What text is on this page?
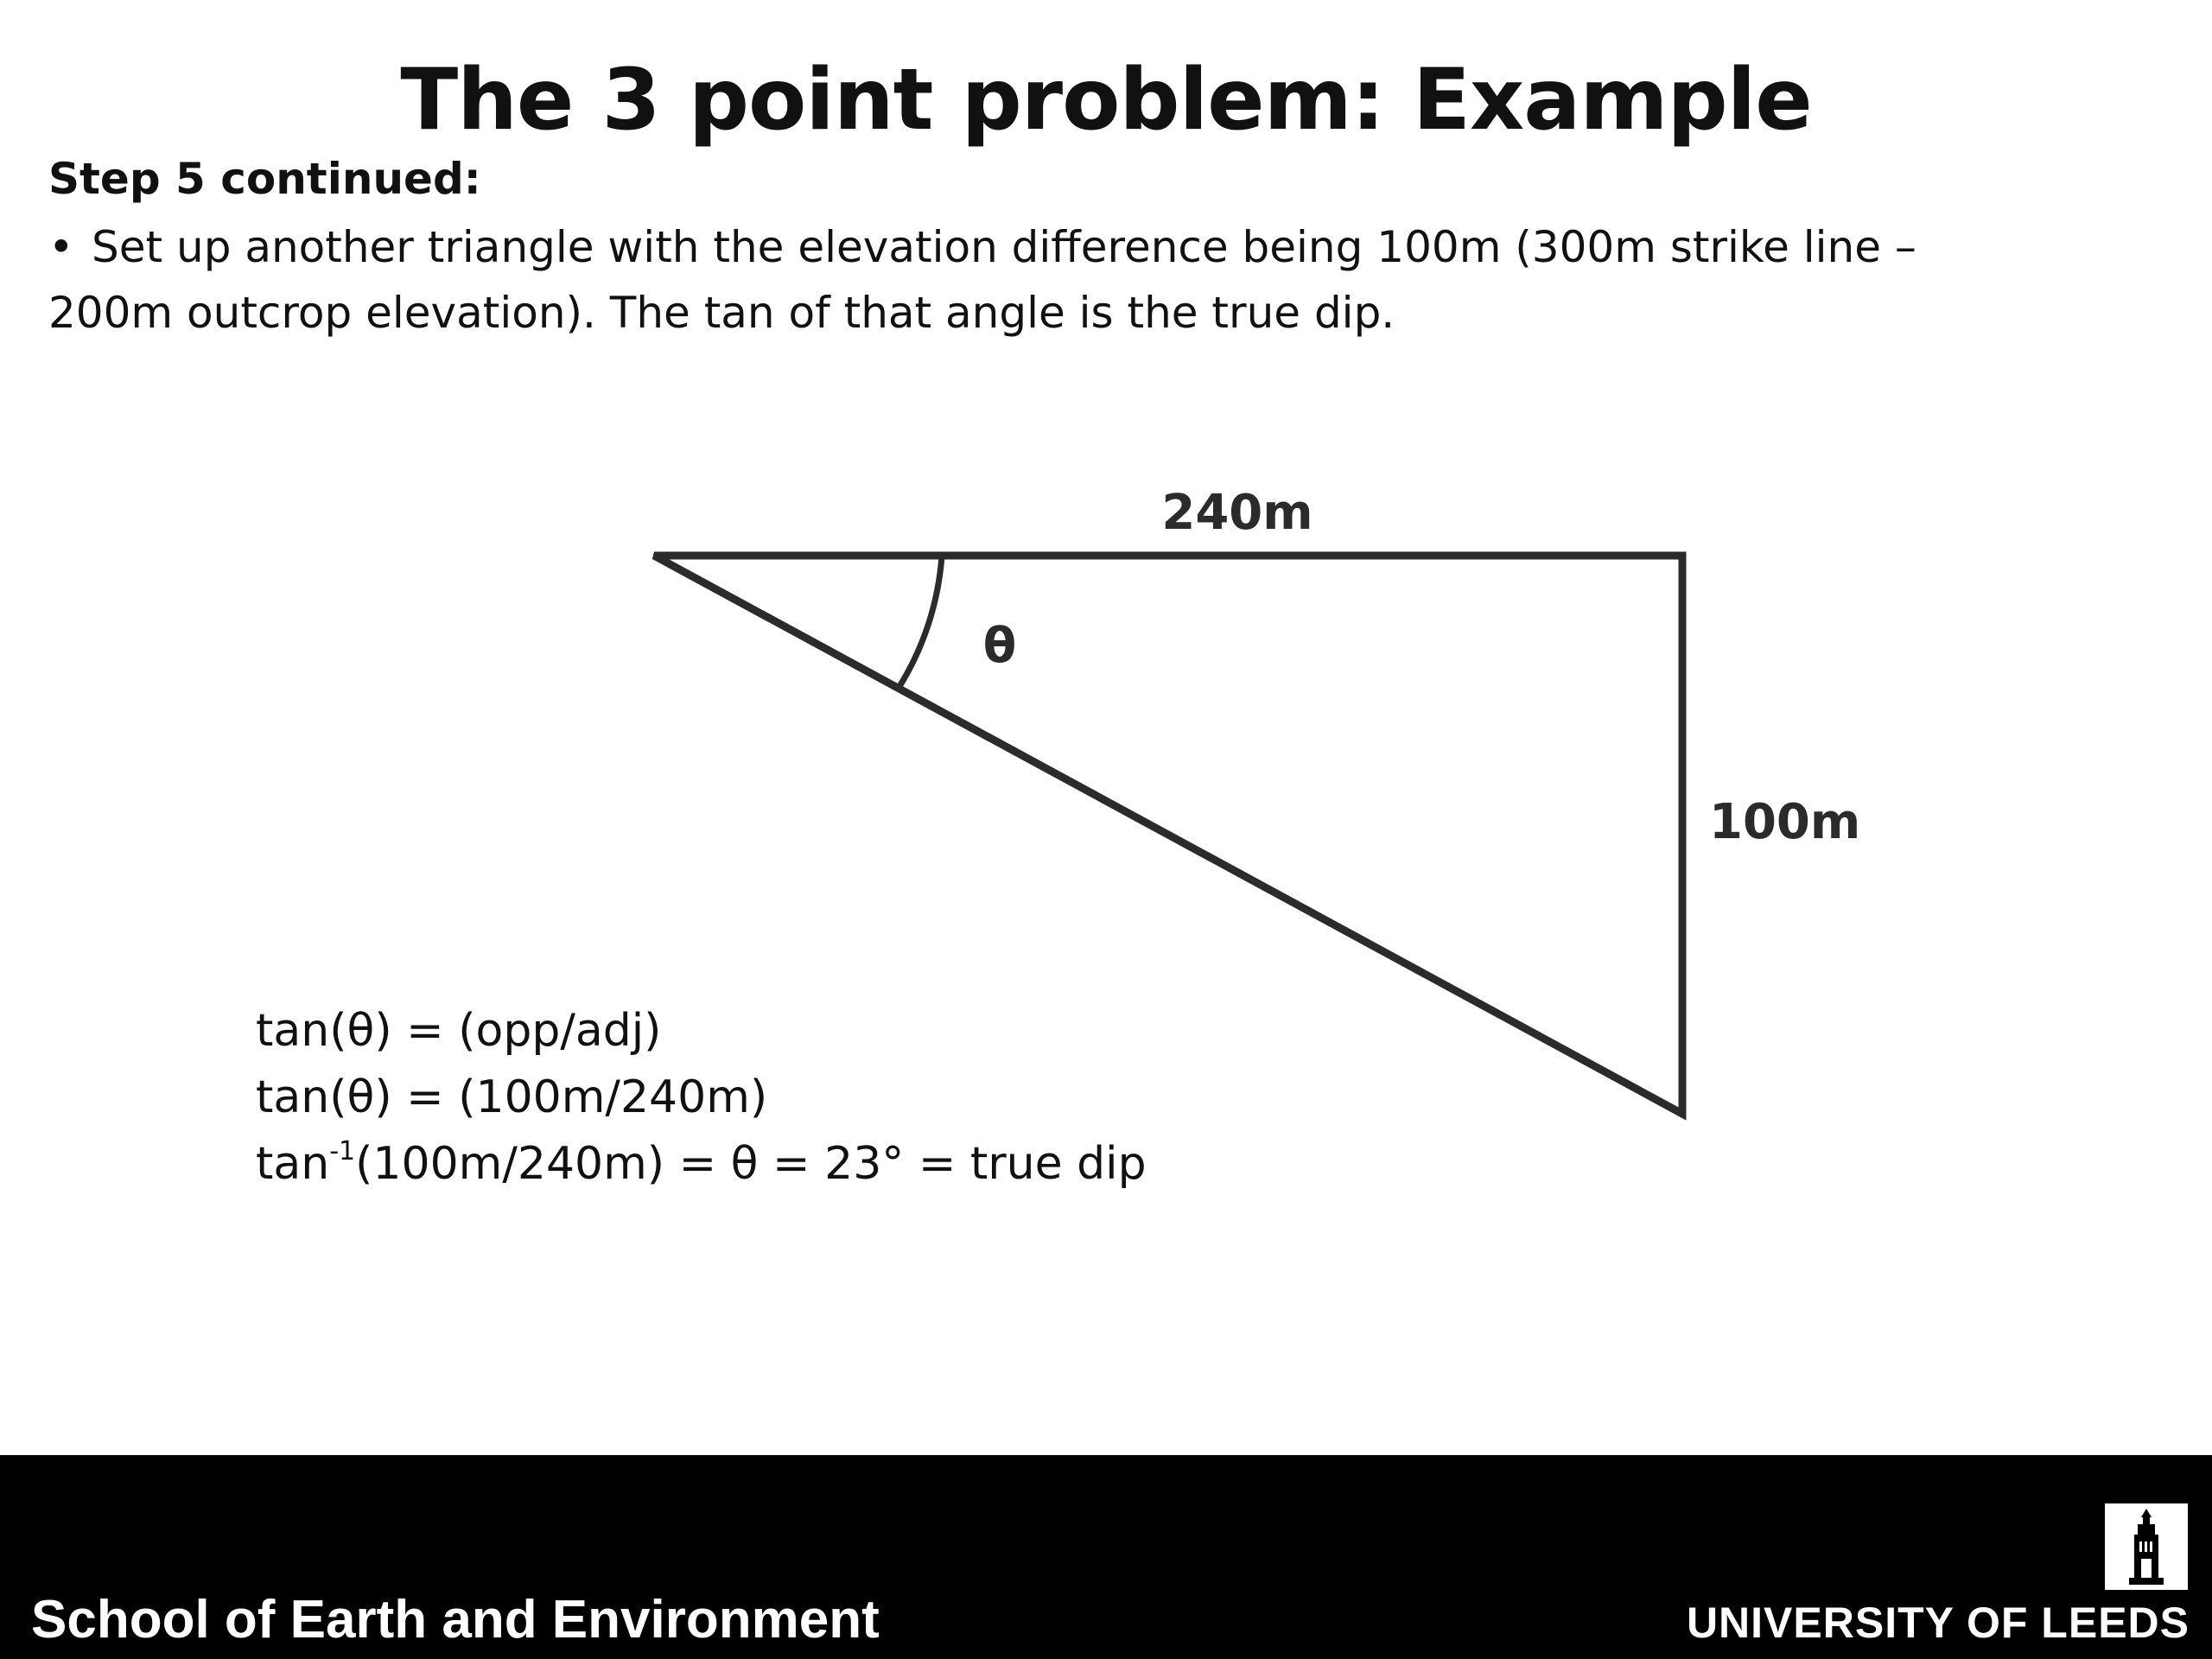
The 3 point problem: Example
Step 5 continued:
• Set up another triangle with the elevation difference being 100m (300m strike line – 200m outcrop elevation). The tan of that angle is the true dip.
240m
θ
100m
tan(θ) = (opp/adj)
tan(θ) = (100m/240m)
$\tan^{-1}(100m/240m) = \theta = 23^\circ$ = true dip
School of Earth and Environment	UNIVERSITY OF LEEDS
